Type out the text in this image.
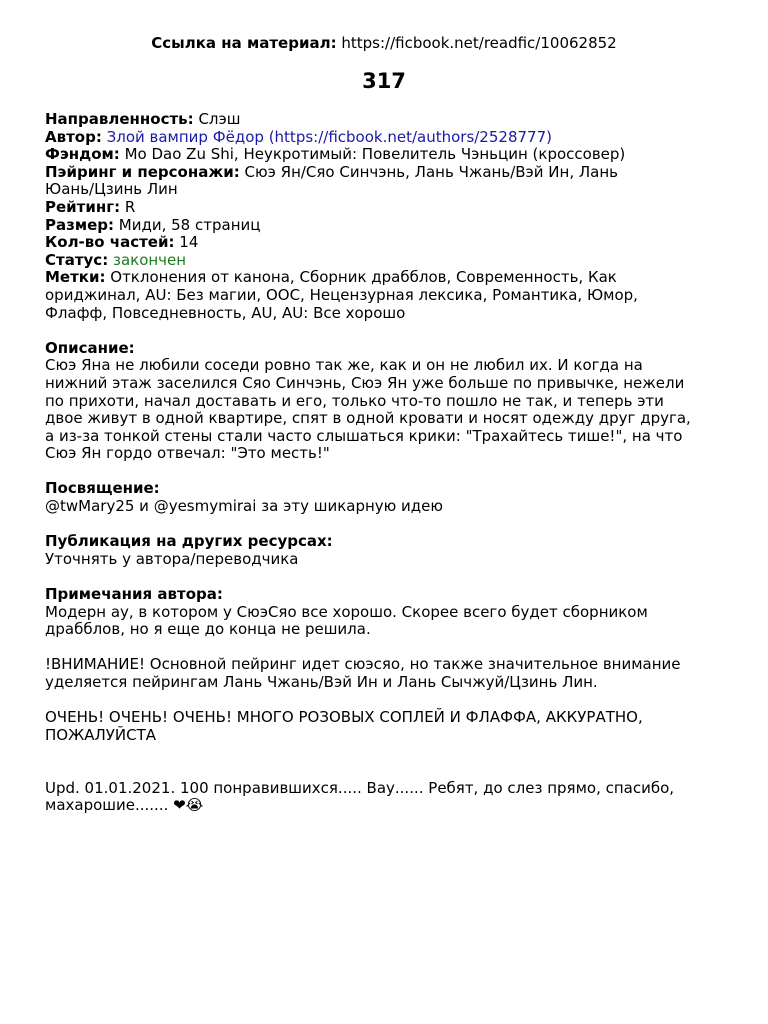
Ссылка на материал: https://ficbook.net/readfic/10062852
317
Направленность: Слэш
Автор: Злой вампир Фёдор (https://ficbook.net/authors/2528777)
Фэндом: Mo Dao Zu Shi, Неукротимый: Повелитель Чэньцин (кроссовер)
Пэйринг и персонажи: Сюэ Ян/Сяо Синчэнь, Лань Чжань/Вэй Ин, Лань
Юань/Цзинь Лин
Рейтинг: R
Размер: Миди, 58 страниц
Кол-во частей: 14
Статус: закончен
Метки: Отклонения от канона, Сборник драбблов, Современность, Как
ориджинал, AU: Без магии, ООС, Нецензурная лексика, Романтика, Юмор,
Флафф, Повседневность, AU, AU: Все хорошо
Описание:
Сюэ Яна не любили соседи ровно так же, как и он не любил их. И когда на
нижний этаж заселился Сяо Синчэнь, Сюэ Ян уже больше по привычке, нежели
по прихоти, начал доставать и его, только что-то пошло не так, и теперь эти
двое живут в одной квартире, спят в одной кровати и носят одежду друг друга,
а из-за тонкой стены стали часто слышаться крики: "Трахайтесь тише!", на что
Сюэ Ян гордо отвечал: "Это месть!"
Посвящение:
@twMary25 и @yesmymirai за эту шикарную идею
Публикация на других ресурсах:
Уточнять у автора/переводчика
Примечания автора:
Модерн ау, в котором у СюэСяо все хорошо. Скорее всего будет сборником
драбблов, но я еще до конца не решила.
!ВНИМАНИЕ! Основной пейринг идет сюэсяо, но также значительное внимание
уделяется пейрингам Лань Чжань/Вэй Ин и Лань Сычжуй/Цзинь Лин.
ОЧЕНЬ! ОЧЕНЬ! ОЧЕНЬ! МНОГО РОЗОВЫХ СОПЛЕЙ И ФЛАФФА, АККУРАТНО,
ПОЖАЛУЙСТА
Upd. 01.01.2021. 100 понравившихся..... Вау...... Ребят, до слез прямо, спасибо,
махарошие....... ❤😭
